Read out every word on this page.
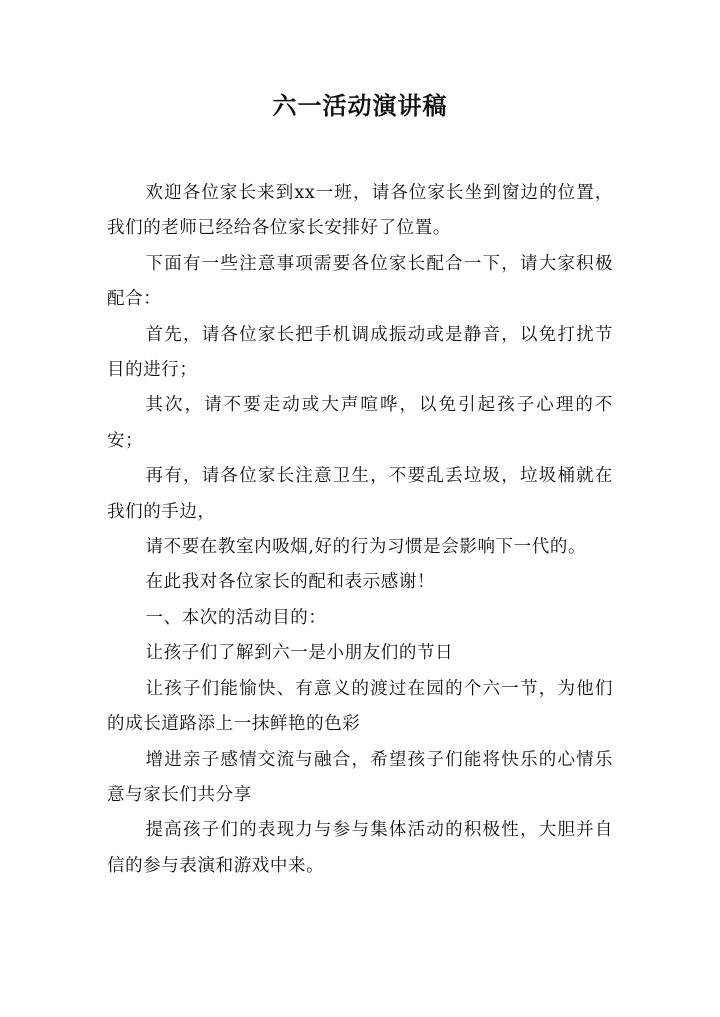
六一活动演讲稿

欢迎各位家长来到xx一班，请各位家长坐到窗边的位置，我们的老师已经给各位家长安排好了位置。

下面有一些注意事项需要各位家长配合一下，请大家积极配合：

首先，请各位家长把手机调成振动或是静音，以免打扰节目的进行；

其次，请不要走动或大声喧哗，以免引起孩子心理的不安；

再有，请各位家长注意卫生，不要乱丢垃圾，垃圾桶就在我们的手边，

请不要在教室内吸烟,好的行为习惯是会影响下一代的。

在此我对各位家长的配和表示感谢！

一、本次的活动目的：

让孩子们了解到六一是小朋友们的节日

让孩子们能愉快、有意义的渡过在园的个六一节，为他们的成长道路添上一抹鲜艳的色彩

增进亲子感情交流与融合，希望孩子们能将快乐的心情乐意与家长们共分享

提高孩子们的表现力与参与集体活动的积极性，大胆并自信的参与表演和游戏中来。
